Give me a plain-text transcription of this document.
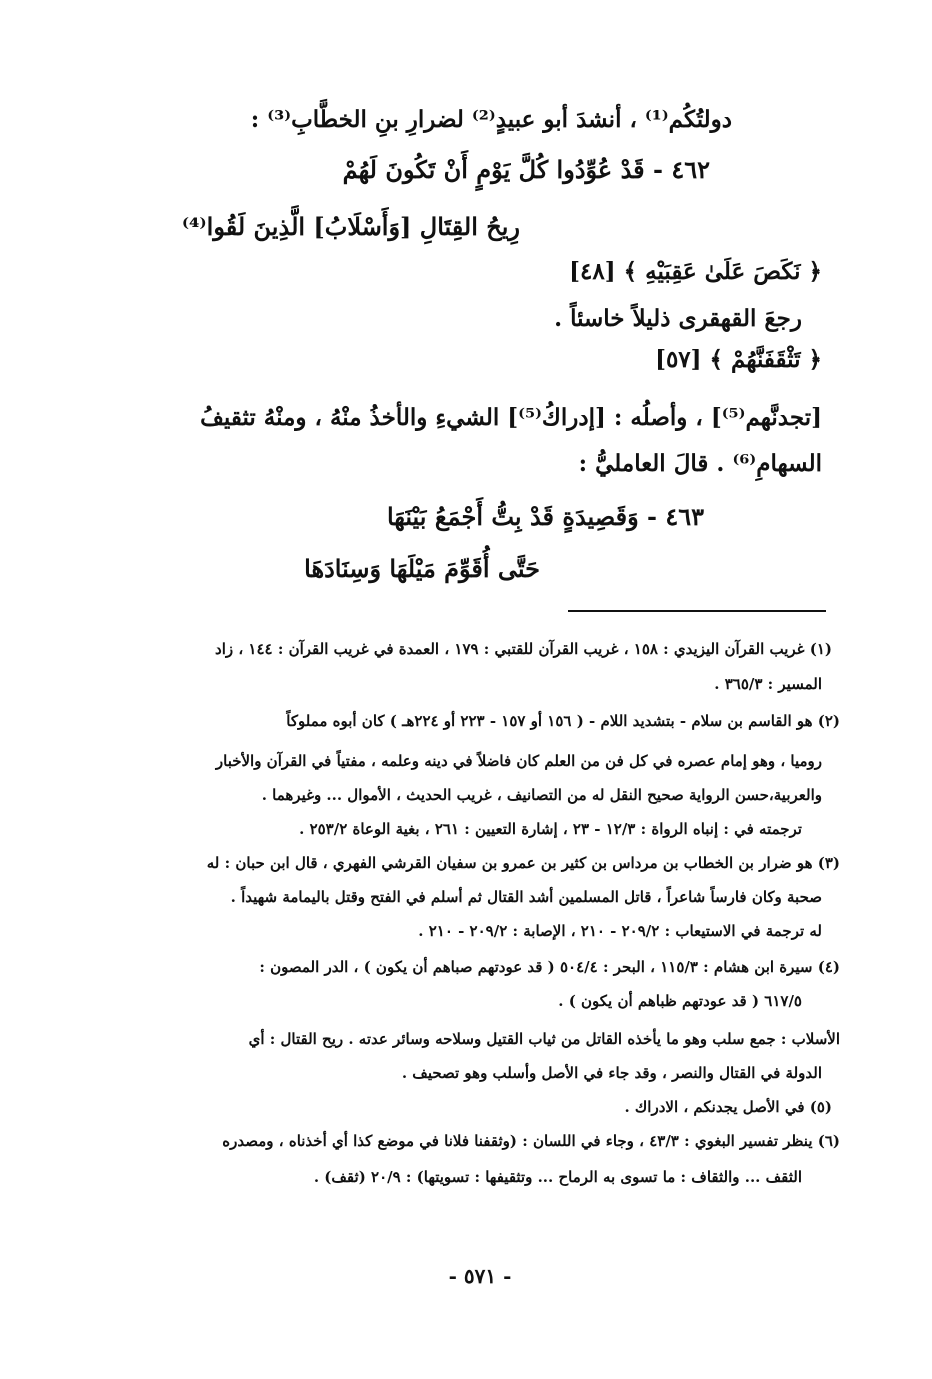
دولتُكُم⁽¹⁾ ، أنشدَ أبو عبيدٍ⁽²⁾ لضرارِ بنِ الخطَّابِ⁽³⁾ :
٤٦٢ - قَدْ عُوِّدُوا كُلَّ يَوْمٍ أَنْ تَكُونَ لَهُمْ
رِيحُ القِتَالِ [وَأَسْلَابُ] الَّذِينَ لَقُوا⁽⁴⁾
﴿ نَكَصَ عَلَىٰ عَقِبَيْهِ ﴾ [٤٨]
رجعَ القهقرى ذليلاً خاسئاً .
﴿ تَثْقَفَنَّهُمْ ﴾ [٥٧]
[تجدنَّهم⁽⁵⁾] ، وأصلُه : [إدراكُ⁽⁵⁾] الشيءِ والأخذُ منْهُ ، ومنْهُ تثقيفُ
السهامِ⁽⁶⁾ . قالَ العامليُّ :
٤٦٣ - وَقَصِيدَةٍ قَدْ بِتُّ أَجْمَعُ بَيْنَهَا
حَتَّى أُقَوِّمَ مَيْلَهَا وَسِنَادَهَا
(١) غريب القرآن اليزيدي : ١٥٨ ، غريب القرآن للقتبي : ١٧٩ ، العمدة في غريب القرآن : ١٤٤ ، زاد
المسير : ٣٦٥/٣ .
(٢) هو القاسم بن سلام - بتشديد اللام - ( ١٥٦ أو ١٥٧ - ٢٢٣ أو ٢٢٤هـ ) كان أبوه مملوكاً
روميا ، وهو إمام عصره في كل فن من العلم كان فاضلاً في دينه وعلمه ، مفتياً في القرآن والأخبار
والعربية،حسن الرواية صحيح النقل له من التصانيف ، غريب الحديث ، الأموال ... وغيرهما .
ترجمته في : إنباه الرواة : ١٢/٣ - ٢٣ ، إشارة التعيين : ٢٦١ ، بغية الوعاة ٢٥٣/٢ .
(٣) هو ضرار بن الخطاب بن مرداس بن كثير بن عمرو بن سفيان القرشي الفهري ، قال ابن حبان : له
صحبة وكان فارساً شاعراً ، قاتل المسلمين أشد القتال ثم أسلم في الفتح وقتل باليمامة شهيداً .
له ترجمة في الاستيعاب : ٢٠٩/٢ - ٢١٠ ، الإصابة : ٢٠٩/٢ - ٢١٠ .
(٤) سيرة ابن هشام : ١١٥/٣ ، البحر : ٥٠٤/٤ ( قد عودتهم صباهم أن يكون ) ، الدر المصون :
٦١٧/٥ ( قد عودتهم ظباهم أن يكون ) .
الأسلاب : جمع سلب وهو ما يأخذه القاتل من ثياب القتيل وسلاحه وسائر عدته . ريح القتال : أي
الدولة في القتال والنصر ، وقد جاء في الأصل وأسلب وهو تصحيف .
(٥) في الأصل يجدنكم ، الادراك .
(٦) ينظر تفسير البغوي : ٤٣/٣ ، وجاء في اللسان : (وثقفنا فلانا في موضع كذا أي أخذناه ، ومصدره
الثقف ... والثقاف : ما تسوى به الرماح ... وتثقيفها : تسويتها) : ٢٠/٩ (ثقف) .
- ٥٧١ -
